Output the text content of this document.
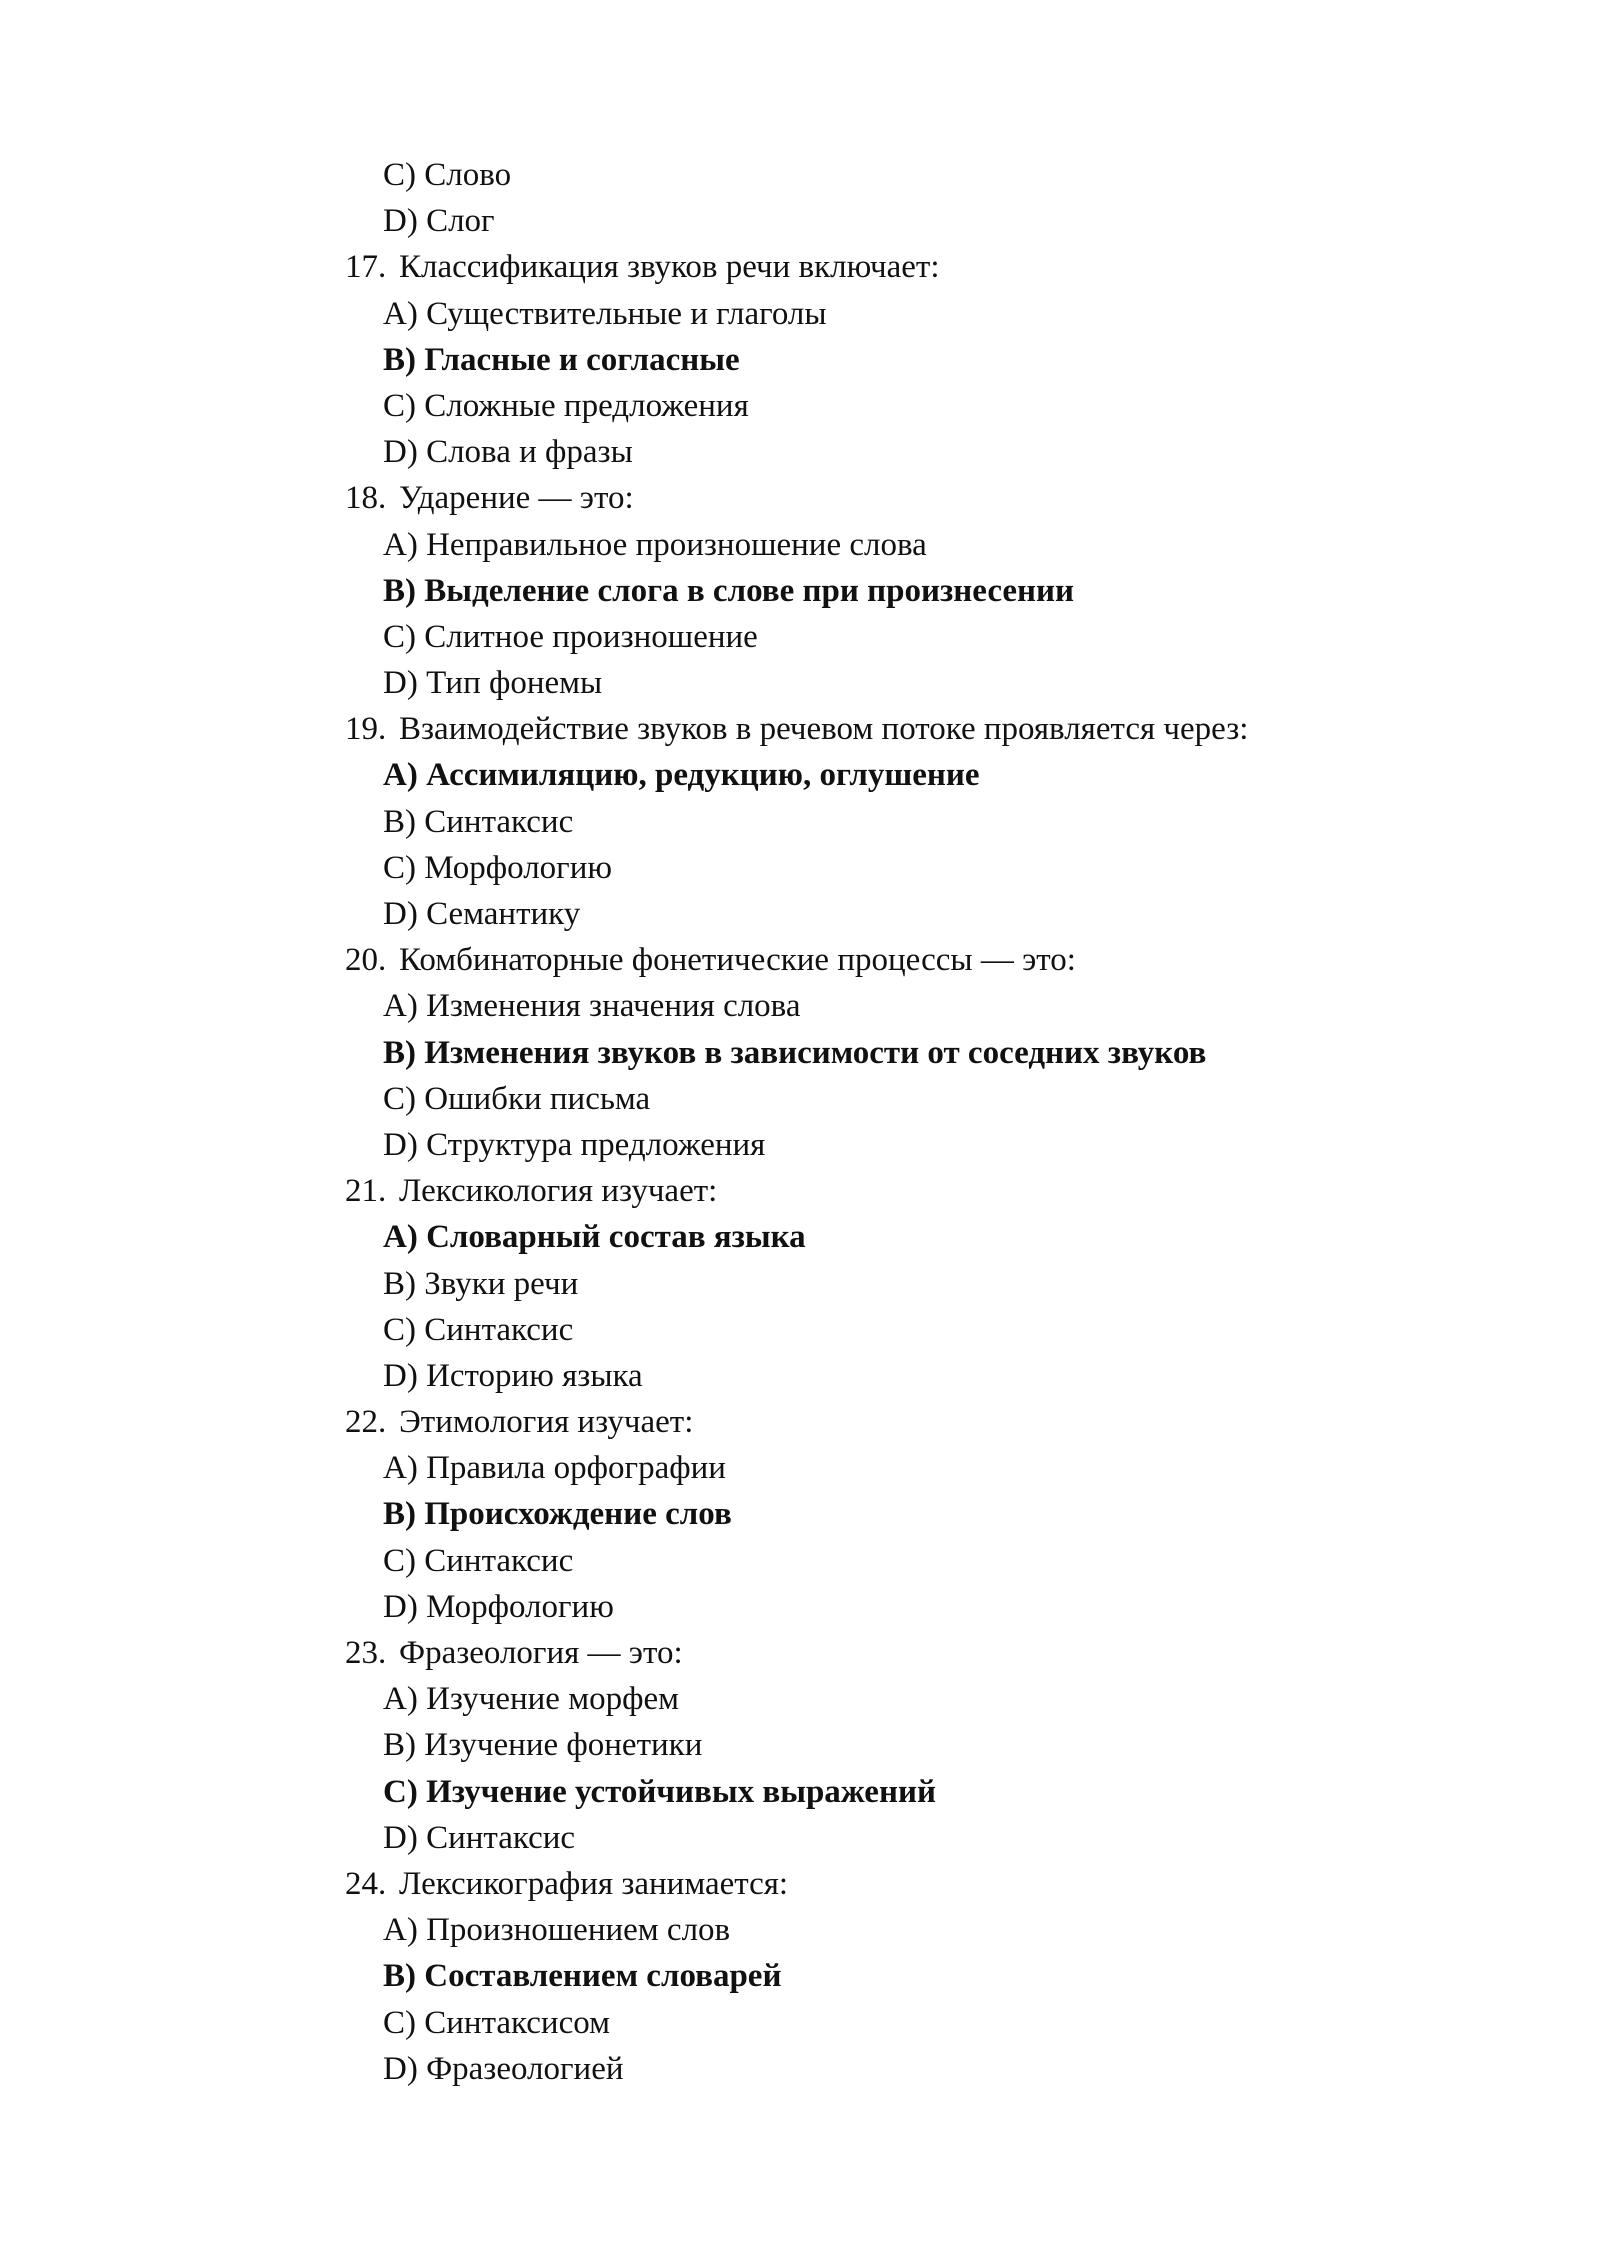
C) Слово
D) Слог
17. Классификация звуков речи включает:
A) Существительные и глаголы
B) Гласные и согласные
C) Сложные предложения
D) Слова и фразы
18. Ударение — это:
A) Неправильное произношение слова
B) Выделение слога в слове при произнесении
C) Слитное произношение
D) Тип фонемы
19. Взаимодействие звуков в речевом потоке проявляется через:
A) Ассимиляцию, редукцию, оглушение
B) Синтаксис
C) Морфологию
D) Семантику
20. Комбинаторные фонетические процессы — это:
A) Изменения значения слова
B) Изменения звуков в зависимости от соседних звуков
C) Ошибки письма
D) Структура предложения
21. Лексикология изучает:
A) Словарный состав языка
B) Звуки речи
C) Синтаксис
D) Историю языка
22. Этимология изучает:
A) Правила орфографии
B) Происхождение слов
C) Синтаксис
D) Морфологию
23. Фразеология — это:
A) Изучение морфем
B) Изучение фонетики
C) Изучение устойчивых выражений
D) Синтаксис
24. Лексикография занимается:
A) Произношением слов
B) Составлением словарей
C) Синтаксисом
D) Фразеологией
